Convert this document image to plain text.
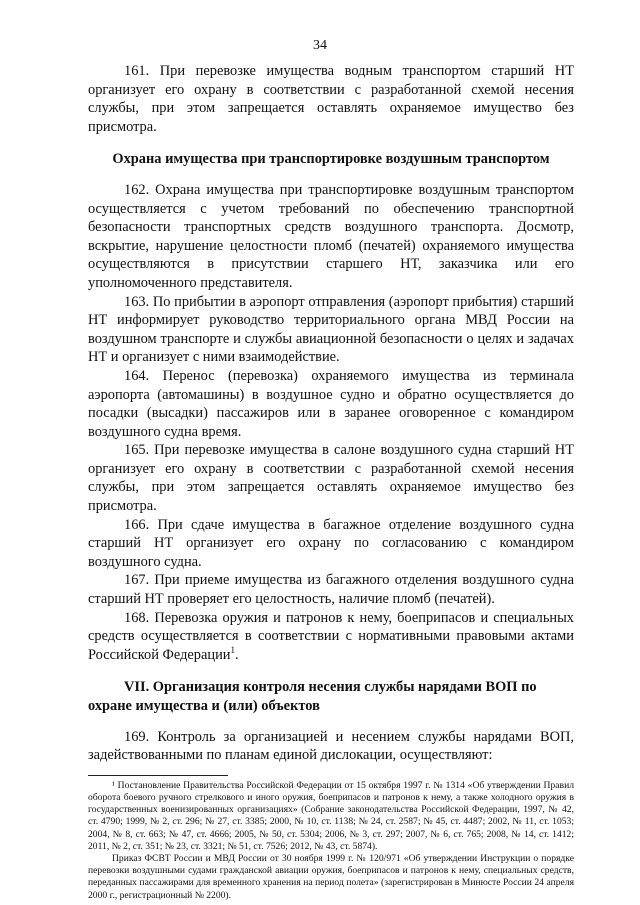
34

161. При перевозке имущества водным транспортом старший НТ организует его охрану в соответствии с разработанной схемой несения службы, при этом запрещается оставлять охраняемое имущество без присмотра.

Охрана имущества при транспортировке воздушным транспортом

162. Охрана имущества при транспортировке воздушным транспортом осуществляется с учетом требований по обеспечению транспортной безопасности транспортных средств воздушного транспорта. Досмотр, вскрытие, нарушение целостности пломб (печатей) охраняемого имущества осуществляются в присутствии старшего НТ, заказчика или его уполномоченного представителя.

163. По прибытии в аэропорт отправления (аэропорт прибытия) старший НТ информирует руководство территориального органа МВД России на воздушном транспорте и службы авиационной безопасности о целях и задачах НТ и организует с ними взаимодействие.

164. Перенос (перевозка) охраняемого имущества из терминала аэропорта (автомашины) в воздушное судно и обратно осуществляется до посадки (высадки) пассажиров или в заранее оговоренное с командиром воздушного судна время.

165. При перевозке имущества в салоне воздушного судна старший НТ организует его охрану в соответствии с разработанной схемой несения службы, при этом запрещается оставлять охраняемое имущество без присмотра.

166. При сдаче имущества в багажное отделение воздушного судна старший НТ организует его охрану по согласованию с командиром воздушного судна.

167. При приеме имущества из багажного отделения воздушного судна старший НТ проверяет его целостность, наличие пломб (печатей).

168. Перевозка оружия и патронов к нему, боеприпасов и специальных средств осуществляется в соответствии с нормативными правовыми актами Российской Федерации$^1$.

VII. Организация контроля несения службы нарядами ВОП по охране имущества и (или) объектов

169. Контроль за организацией и несением службы нарядами ВОП, задействованными по планам единой дислокации, осуществляют:

¹ Постановление Правительства Российской Федерации от 15 октября 1997 г. № 1314 «Об утверждении Правил оборота боевого ручного стрелкового и иного оружия, боеприпасов и патронов к нему, а также холодного оружия в государственных военизированных организациях» (Собрание законодательства Российской Федерации, 1997, № 42, ст. 4790; 1999, № 2, ст. 296; № 27, ст. 3385; 2000, № 10, ст. 1138; № 24, ст. 2587; № 45, ст. 4487; 2002, № 11, ст. 1053; 2004, № 8, ст. 663; № 47, ст. 4666; 2005, № 50, ст. 5304; 2006, № 3, ст. 297; 2007, № 6, ст. 765; 2008, № 14, ст. 1412; 2011, № 2, ст. 351; № 23, ст. 3321; № 51, ст. 7526; 2012, № 43, ст. 5874).

Приказ ФСВТ России и МВД России от 30 ноября 1999 г. № 120/971 «Об утверждении Инструкции о порядке перевозки воздушными судами гражданской авиации оружия, боеприпасов и патронов к нему, специальных средств, переданных пассажирами для временного хранения на период полета» (зарегистрирован в Минюсте России 24 апреля 2000 г., регистрационный № 2200).
